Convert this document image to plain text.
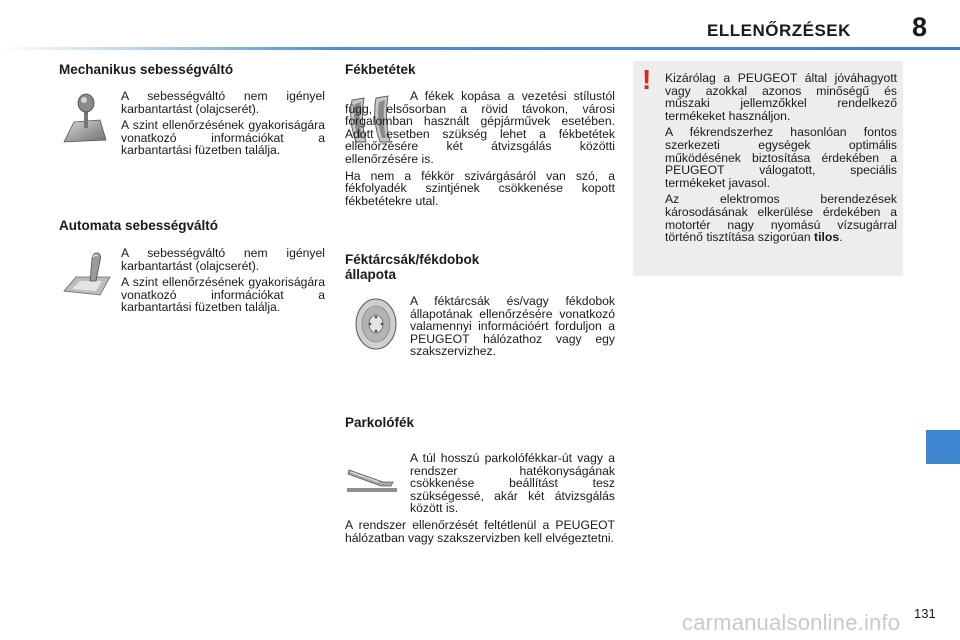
ELLENŐRZÉSEK 8
Mechanikus sebességváltó

A sebességváltó nem igényel karbantartást (olajcserét).

A szint ellenőrzésének gyakoriságára vonatkozó információkat a karbantartási füzetben találja.

Automata sebességváltó

A sebességváltó nem igényel karbantartást (olajcserét).

A szint ellenőrzésének gyakoriságára vonatkozó információkat a karbantartási füzetben találja.

Fékbetétek

A fékek kopása a vezetési stílustól függ, elsősorban a rövid távokon, városi forgalomban használt gépjárművek esetében. Adott esetben szükség lehet a fékbetétek ellenőrzésére két átvizsgálás közötti ellenőrzésére is.

Ha nem a fékkör szivárgásáról van szó, a fékfolyadék szintjének csökkenése kopott fékbetétekre utal.

Féktárcsák/fékdobok
állapota

A féktárcsák és/vagy fékdobok állapotának ellenőrzésére vonatkozó valamennyi információért forduljon a PEUGEOT hálózathoz vagy egy szakszervizhez.

Parkolófék

A túl hosszú parkolófékkar-út vagy a rendszer hatékonyságának csökkenése beállítást tesz szükségessé, akár két átvizsgálás között is.

A rendszer ellenőrzését feltétlenül a PEUGEOT hálózatban vagy szakszervizben kell elvégeztetni.

! Kizárólag a PEUGEOT által jóváhagyott vagy azokkal azonos minőségű és műszaki jellemzőkkel rendelkező termékeket használjon.

A fékrendszerhez hasonlóan fontos szerkezeti egységek optimális működésének biztosítása érdekében a PEUGEOT válogatott, speciális termékeket javasol.

Az elektromos berendezések károsodásának elkerülése érdekében a motortér nagy nyomású vízsugárral történő tisztítása szigorúan tilos.

131
carmanualsonline.info
